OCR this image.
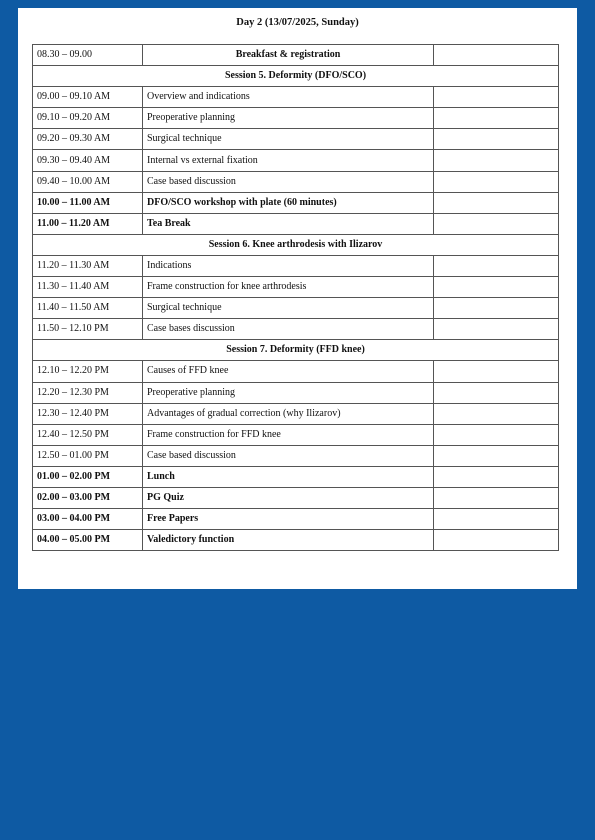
Day 2 (13/07/2025, Sunday)
08.30 – 09.00	Breakfast & registration	
Session 5. Deformity (DFO/SCO)		
09.00 – 09.10 AM	Overview and indications	
09.10 – 09.20 AM	Preoperative planning	
09.20 – 09.30 AM	Surgical technique	
09.30 – 09.40 AM	Internal vs external fixation	
09.40 – 10.00 AM	Case based discussion	
10.00 – 11.00 AM	DFO/SCO workshop with plate (60 minutes)	
11.00 – 11.20 AM	Tea Break	
Session 6. Knee arthrodesis with Ilizarov		
11.20 – 11.30 AM	Indications	
11.30 – 11.40 AM	Frame construction for knee arthrodesis	
11.40 – 11.50 AM	Surgical technique	
11.50 – 12.10 PM	Case bases discussion	
Session 7. Deformity (FFD knee)		
12.10 – 12.20 PM	Causes of FFD knee	
12.20 – 12.30 PM	Preoperative planning	
12.30 – 12.40 PM	Advantages of gradual correction (why Ilizarov)	
12.40 – 12.50 PM	Frame construction for FFD knee	
12.50 – 01.00 PM	Case based discussion	
01.00 – 02.00 PM	Lunch	
02.00 – 03.00 PM	PG Quiz	
03.00 – 04.00 PM	Free Papers	
04.00 – 05.00 PM	Valedictory function	
